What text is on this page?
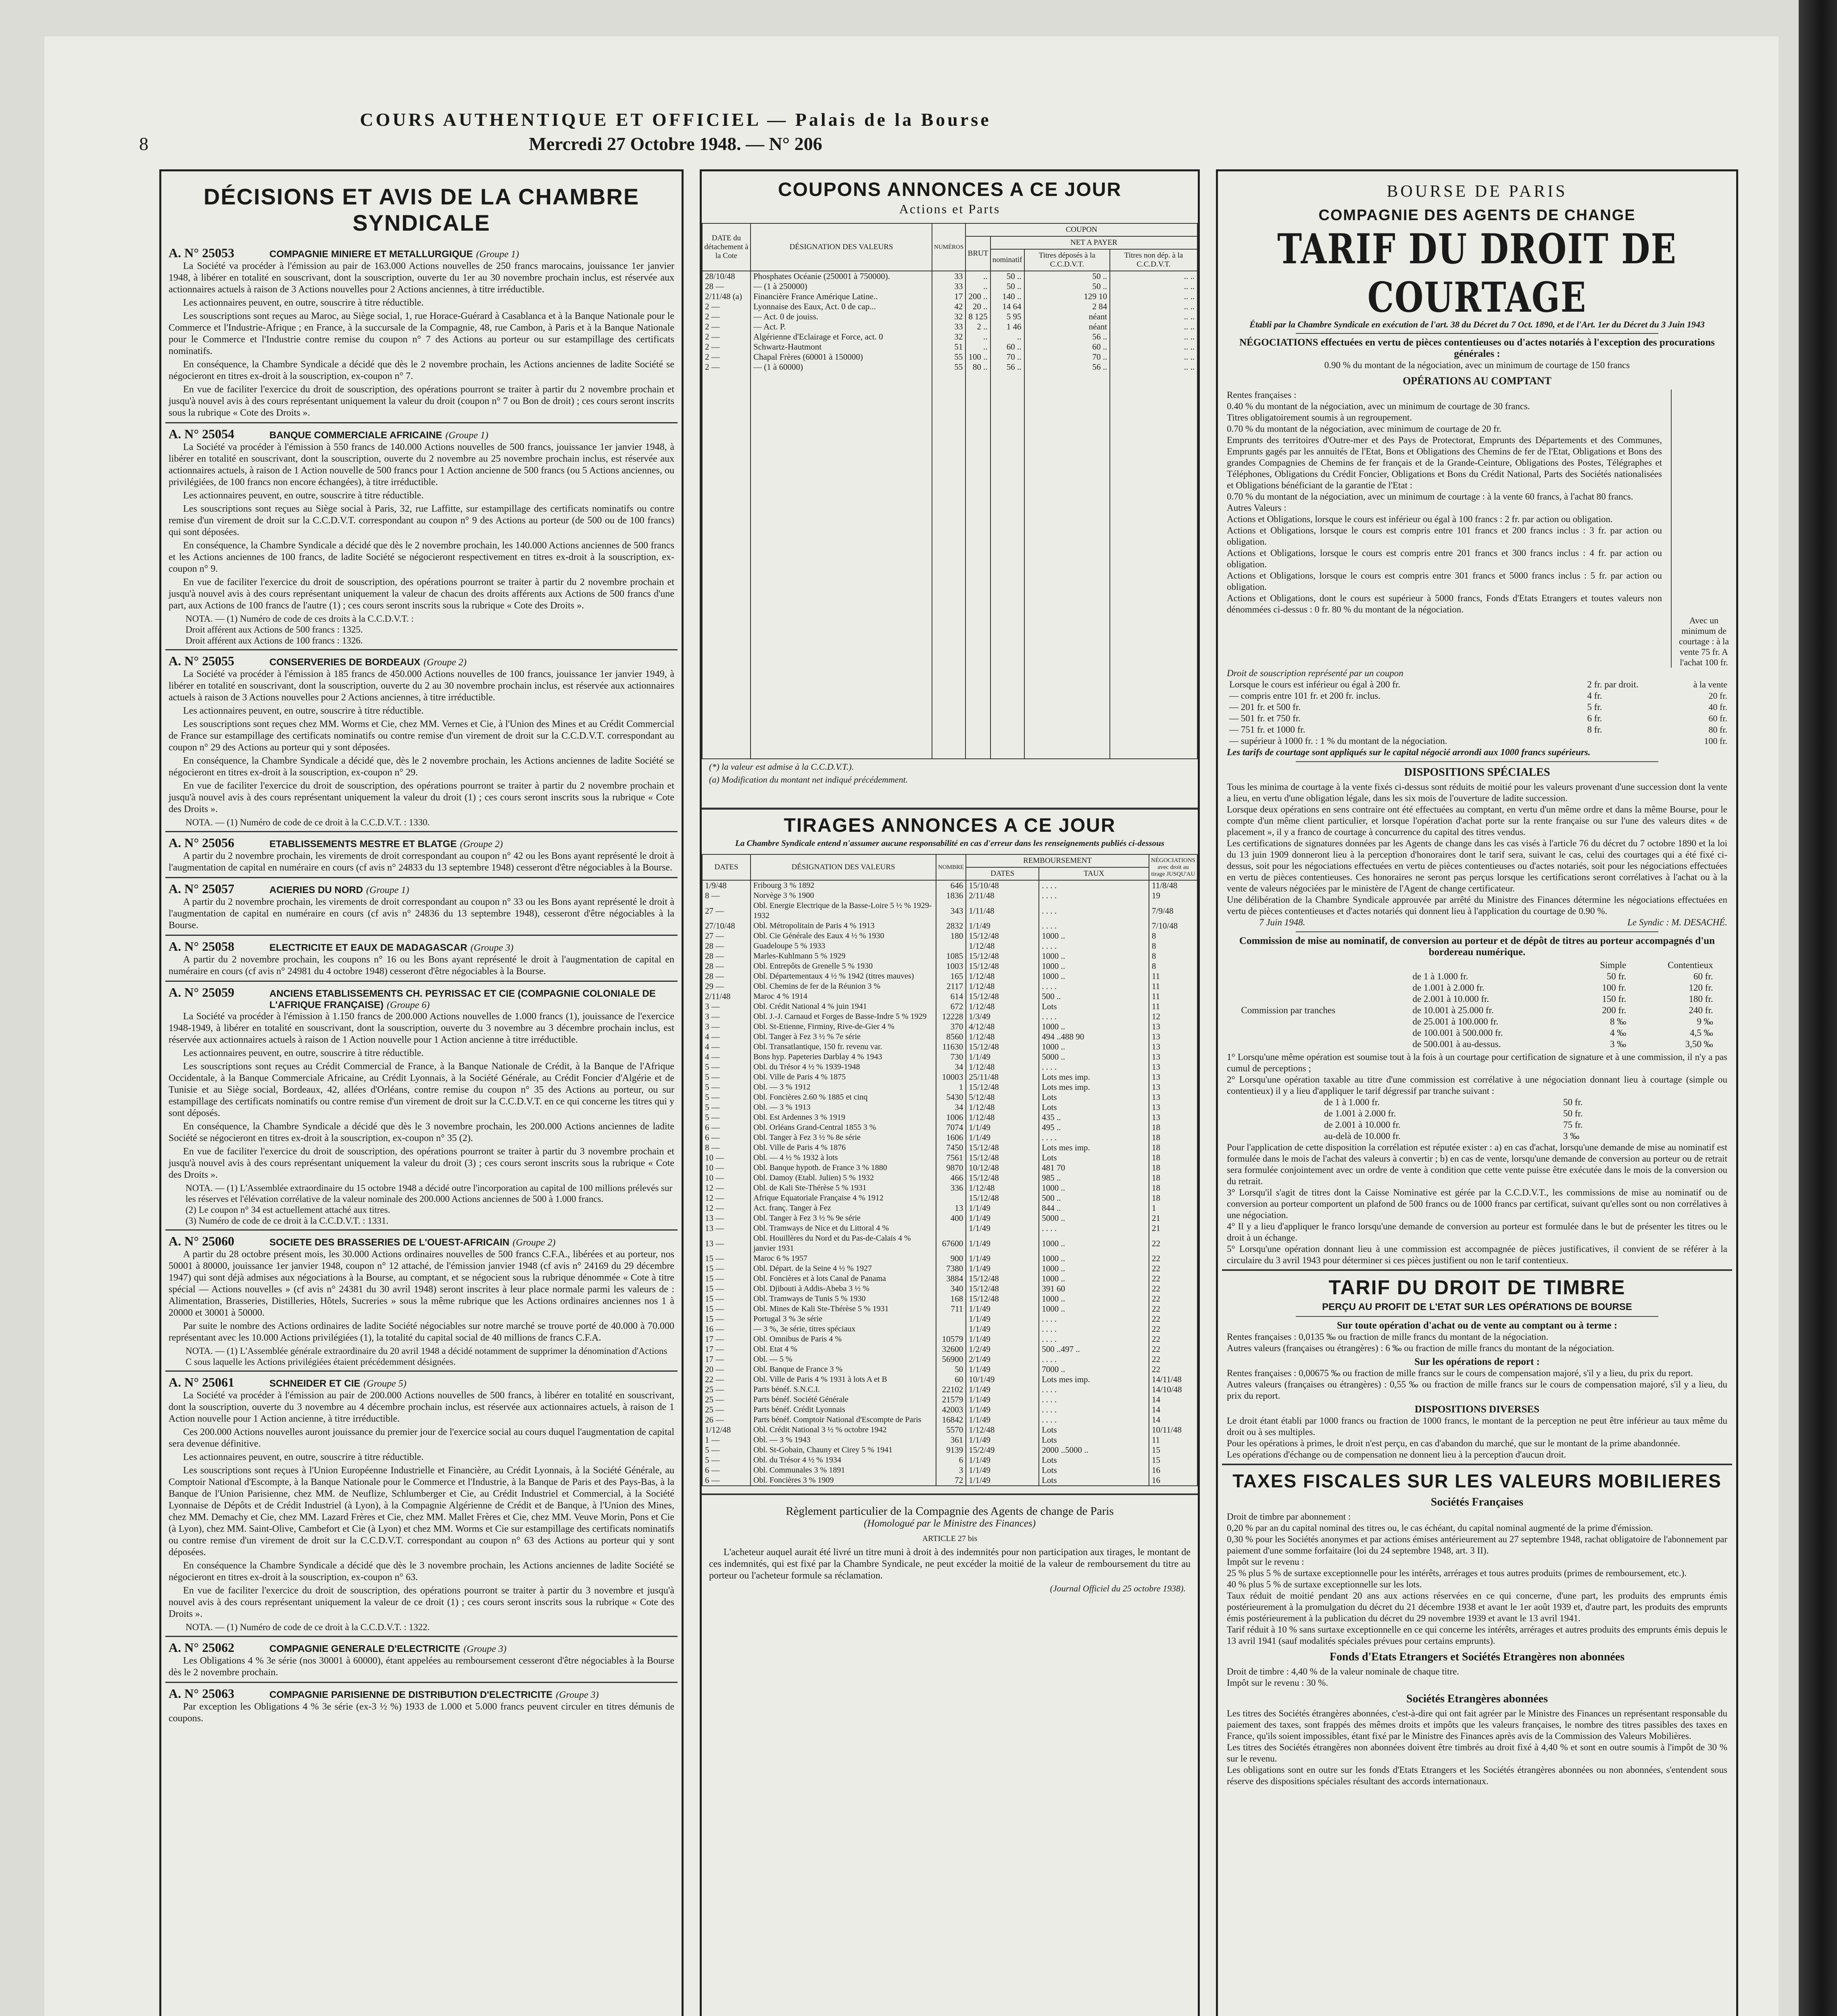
8
COURS AUTHENTIQUE ET OFFICIEL — Palais de la Bourse
Mercredi 27 Octobre 1948. — N° 206
DÉCISIONS ET AVIS DE LA CHAMBRE SYNDICALE
A. N° 25053	COMPAGNIE MINIERE ET METALLURGIQUE (Groupe 1)

La Société va procéder à l'émission au pair de 163.000 Actions nouvelles de 250 francs marocains, jouissance 1er janvier 1948, à libérer en totalité en souscrivant, dont la souscription, ouverte du 1er au 30 novembre prochain inclus, est réservée aux actionnaires actuels à raison de 3 Actions nouvelles pour 2 Actions anciennes, à titre irréductible.

Les actionnaires peuvent, en outre, souscrire à titre réductible.

Les souscriptions sont reçues au Maroc, au Siège social, 1, rue Horace-Guérard à Casablanca et à la Banque Nationale pour le Commerce et l'Industrie-Afrique ; en France, à la succursale de la Compagnie, 48, rue Cambon, à Paris et à la Banque Nationale pour le Commerce et l'Industrie contre remise du coupon n° 7 des Actions au porteur ou sur estampillage des certificats nominatifs.

En conséquence, la Chambre Syndicale a décidé que dès le 2 novembre prochain, les Actions anciennes de ladite Société se négocieront en titres ex-droit à la souscription, ex-coupon n° 7.

En vue de faciliter l'exercice du droit de souscription, des opérations pourront se traiter à partir du 2 novembre prochain et jusqu'à nouvel avis à des cours représentant uniquement la valeur du droit (coupon n° 7 ou Bon de droit) ; ces cours seront inscrits sous la rubrique « Cote des Droits ».

A. N° 25054	BANQUE COMMERCIALE AFRICAINE (Groupe 1)

La Société va procéder à l'émission à 550 francs de 140.000 Actions nouvelles de 500 francs, jouissance 1er janvier 1948, à libérer en totalité en souscrivant, dont la souscription, ouverte du 2 novembre au 25 novembre prochain inclus, est réservée aux actionnaires actuels, à raison de 1 Action nouvelle de 500 francs pour 1 Action ancienne de 500 francs (ou 5 Actions anciennes, ou privilégiées, de 100 francs non encore échangées), à titre irréductible.

Les actionnaires peuvent, en outre, souscrire à titre réductible.

Les souscriptions sont reçues au Siège social à Paris, 32, rue Laffitte, sur estampillage des certificats nominatifs ou contre remise d'un virement de droit sur la C.C.D.V.T. correspondant au coupon n° 9 des Actions au porteur (de 500 ou de 100 francs) qui sont déposées.

En conséquence, la Chambre Syndicale a décidé que dès le 2 novembre prochain, les 140.000 Actions anciennes de 500 francs et les Actions anciennes de 100 francs, de ladite Société se négocieront respectivement en titres ex-droit à la souscription, ex-coupon n° 9.

En vue de faciliter l'exercice du droit de souscription, des opérations pourront se traiter à partir du 2 novembre prochain et jusqu'à nouvel avis à des cours représentant uniquement la valeur de chacun des droits afférents aux Actions de 500 francs d'une part, aux Actions de 100 francs de l'autre (1) ; ces cours seront inscrits sous la rubrique « Cote des Droits ».

NOTA. — (1) Numéro de code de ces droits à la C.C.D.V.T. :
Droit afférent aux Actions de 500 francs : 1325.
Droit afférent aux Actions de 100 francs : 1326.
A. N° 25055	CONSERVERIES DE BORDEAUX (Groupe 2)

La Société va procéder à l'émission à 185 francs de 450.000 Actions nouvelles de 100 francs, jouissance 1er janvier 1949, à libérer en totalité en souscrivant, dont la souscription, ouverte du 2 au 30 novembre prochain inclus, est réservée aux actionnaires actuels à raison de 3 Actions nouvelles pour 2 Actions anciennes, à titre irréductible.

Les actionnaires peuvent, en outre, souscrire à titre réductible.

Les souscriptions sont reçues chez MM. Worms et Cie, chez MM. Vernes et Cie, à l'Union des Mines et au Crédit Commercial de France sur estampillage des certificats nominatifs ou contre remise d'un virement de droit sur la C.C.D.V.T. correspondant au coupon n° 29 des Actions au porteur qui y sont déposées.

En conséquence, la Chambre Syndicale a décidé que, dès le 2 novembre prochain, les Actions anciennes de ladite Société se négocieront en titres ex-droit à la souscription, ex-coupon n° 29.

En vue de faciliter l'exercice du droit de souscription, des opérations pourront se traiter à partir du 2 novembre prochain et jusqu'à nouvel avis à des cours représentant uniquement la valeur du droit (1) ; ces cours seront inscrits sous la rubrique « Cote des Droits ».

NOTA. — (1) Numéro de code de ce droit à la C.C.D.V.T. : 1330.
A. N° 25056	ETABLISSEMENTS MESTRE ET BLATGE (Groupe 2)

A partir du 2 novembre prochain, les virements de droit correspondant au coupon n° 42 ou les Bons ayant représenté le droit à l'augmentation de capital en numéraire en cours (cf avis n° 24833 du 13 septembre 1948) cesseront d'être négociables à la Bourse.

A. N° 25057	ACIERIES DU NORD (Groupe 1)

A partir du 2 novembre prochain, les virements de droit correspondant au coupon n° 33 ou les Bons ayant représenté le droit à l'augmentation de capital en numéraire en cours (cf avis n° 24836 du 13 septembre 1948), cesseront d'être négociables à la Bourse.

A. N° 25058	ELECTRICITE ET EAUX DE MADAGASCAR (Groupe 3)

A partir du 2 novembre prochain, les coupons n° 16 ou les Bons ayant représenté le droit à l'augmentation de capital en numéraire en cours (cf avis n° 24981 du 4 octobre 1948) cesseront d'être négociables à la Bourse.

A. N° 25059	ANCIENS ETABLISSEMENTS CH. PEYRISSAC ET CIE (COMPAGNIE COLONIALE DE L'AFRIQUE FRANÇAISE) (Groupe 6)

La Société va procéder à l'émission à 1.150 francs de 200.000 Actions nouvelles de 1.000 francs (1), jouissance de l'exercice 1948-1949, à libérer en totalité en souscrivant, dont la souscription, ouverte du 3 novembre au 3 décembre prochain inclus, est réservée aux actionnaires actuels à raison de 1 Action nouvelle pour 1 Action ancienne à titre irréductible.

Les actionnaires peuvent, en outre, souscrire à titre réductible.

Les souscriptions sont reçues au Crédit Commercial de France, à la Banque Nationale de Crédit, à la Banque de l'Afrique Occidentale, à la Banque Commerciale Africaine, au Crédit Lyonnais, à la Société Générale, au Crédit Foncier d'Algérie et de Tunisie et au Siège social, Bordeaux, 42, allées d'Orléans, contre remise du coupon n° 35 des Actions au porteur, ou sur estampillage des certificats nominatifs ou contre remise d'un virement de droit sur la C.C.D.V.T. en ce qui concerne les titres qui y sont déposés.

En conséquence, la Chambre Syndicale a décidé que dès le 3 novembre prochain, les 200.000 Actions anciennes de ladite Société se négocieront en titres ex-droit à la souscription, ex-coupon n° 35 (2).

En vue de faciliter l'exercice du droit de souscription, des opérations pourront se traiter à partir du 3 novembre prochain et jusqu'à nouvel avis à des cours représentant uniquement la valeur du droit (3) ; ces cours seront inscrits sous la rubrique « Cote des Droits ».

NOTA. — (1) L'Assemblée extraordinaire du 15 octobre 1948 a décidé outre l'incorporation au capital de 100 millions prélevés sur les réserves et l'élévation corrélative de la valeur nominale des 200.000 Actions anciennes de 500 à 1.000 francs.
(2) Le coupon n° 34 est actuellement attaché aux titres.
(3) Numéro de code de ce droit à la C.C.D.V.T. : 1331.
A. N° 25060	SOCIETE DES BRASSERIES DE L'OUEST-AFRICAIN (Groupe 2)

A partir du 28 octobre présent mois, les 30.000 Actions ordinaires nouvelles de 500 francs C.F.A., libérées et au porteur, nos 50001 à 80000, jouissance 1er janvier 1948, coupon n° 12 attaché, de l'émission janvier 1948 (cf avis n° 24169 du 29 décembre 1947) qui sont déjà admises aux négociations à la Bourse, au comptant, et se négocient sous la rubrique dénommée « Cote à titre spécial — Actions nouvelles » (cf avis n° 24381 du 30 avril 1948) seront inscrites à leur place normale parmi les valeurs de : Alimentation, Brasseries, Distilleries, Hôtels, Sucreries » sous la même rubrique que les Actions ordinaires anciennes nos 1 à 20000 et 30001 à 50000.

Par suite le nombre des Actions ordinaires de ladite Société négociables sur notre marché se trouve porté de 40.000 à 70.000 représentant avec les 10.000 Actions privilégiées (1), la totalité du capital social de 40 millions de francs C.F.A.

NOTA. — (1) L'Assemblée générale extraordinaire du 20 avril 1948 a décidé notamment de supprimer la dénomination d'Actions C sous laquelle les Actions privilégiées étaient précédemment désignées.
A. N° 25061	SCHNEIDER ET CIE (Groupe 5)

La Société va procéder à l'émission au pair de 200.000 Actions nouvelles de 500 francs, à libérer en totalité en souscrivant, dont la souscription, ouverte du 3 novembre au 4 décembre prochain inclus, est réservée aux actionnaires actuels, à raison de 1 Action nouvelle pour 1 Action ancienne, à titre irréductible.

Ces 200.000 Actions nouvelles auront jouissance du premier jour de l'exercice social au cours duquel l'augmentation de capital sera devenue définitive.

Les actionnaires peuvent, en outre, souscrire à titre réductible.

Les souscriptions sont reçues à l'Union Européenne Industrielle et Financière, au Crédit Lyonnais, à la Société Générale, au Comptoir National d'Escompte, à la Banque Nationale pour le Commerce et l'Industrie, à la Banque de Paris et des Pays-Bas, à la Banque de l'Union Parisienne, chez MM. de Neuflize, Schlumberger et Cie, au Crédit Industriel et Commercial, à la Société Lyonnaise de Dépôts et de Crédit Industriel (à Lyon), à la Compagnie Algérienne de Crédit et de Banque, à l'Union des Mines, chez MM. Demachy et Cie, chez MM. Lazard Frères et Cie, chez MM. Mallet Frères et Cie, chez MM. Veuve Morin, Pons et Cie (à Lyon), chez MM. Saint-Olive, Cambefort et Cie (à Lyon) et chez MM. Worms et Cie sur estampillage des certificats nominatifs ou contre remise d'un virement de droit sur la C.C.D.V.T. correspondant au coupon n° 63 des Actions au porteur qui y sont déposées.

En conséquence la Chambre Syndicale a décidé que dès le 3 novembre prochain, les Actions anciennes de ladite Société se négocieront en titres ex-droit à la souscription, ex-coupon n° 63.

En vue de faciliter l'exercice du droit de souscription, des opérations pourront se traiter à partir du 3 novembre et jusqu'à nouvel avis à des cours représentant uniquement la valeur de ce droit (1) ; ces cours seront inscrits sous la rubrique « Cote des Droits ».

NOTA. — (1) Numéro de code de ce droit à la C.C.D.V.T. : 1322.
A. N° 25062	COMPAGNIE GENERALE D'ELECTRICITE (Groupe 3)

Les Obligations 4 % 3e série (nos 30001 à 60000), étant appelées au remboursement cesseront d'être négociables à la Bourse dès le 2 novembre prochain.

A. N° 25063	COMPAGNIE PARISIENNE DE DISTRIBUTION D'ELECTRICITE (Groupe 3)

Par exception les Obligations 4 % 3e série (ex-3 ½ %) 1933 de 1.000 et 5.000 francs peuvent circuler en titres démunis de coupons.

COUPONS ANNONCES A CE JOUR
Actions et Parts
DATE du détachement à la Cote	DÉSIGNATION DES VALEURS	NUMÉROS	COUPON			
			BRUT	NET A PAYER		
				nominatif	Titres déposés à la C.C.D.V.T.	Titres non dép. à la C.C.D.V.T.
28/10/48	Phosphates Océanie (250001 à 750000).	33	..	50 ..	50 ..	.. ..
28 —	— (1 à 250000)	33	..	50 ..	50 ..	.. ..
2/11/48 (a)	Financière France Amérique Latine..	17	200 ..	140 ..	129 10	.. ..
2 —	Lyonnaise des Eaux, Act. 0 de cap...	42	20 ..	14 64	2 84	.. ..
2 —	— Act. 0 de jouiss.	32	8 125	5 95	néant	.. ..
2 —	— Act. P.	33	2 ..	1 46	néant	.. ..
2 —	Algérienne d'Eclairage et Force, act. 0	32	..	..	56 ..	.. ..
2 —	Schwartz-Hautmont	51	..	60 ..	60 ..	.. ..
2 —	Chapal Frères (60001 à 150000)	55	100 ..	70 ..	70 ..	.. ..
2 —	— (1 à 60000)	55	80 ..	56 ..	56 ..	.. ..

(*) la valeur est admise à la C.C.D.V.T.).
(a) Modification du montant net indiqué précédemment.
TIRAGES ANNONCES A CE JOUR
La Chambre Syndicale entend n'assumer aucune responsabilité en cas d'erreur dans les renseignements publiés ci-dessous
DATES	DÉSIGNATION DES VALEURS	NOMBRE	REMBOURSEMENT		NÉGOCIATIONS avec droit au tirage JUSQU'AU
			DATES	TAUX	
1/9/48	Fribourg 3 % 1892	646	15/10/48	. . . .	11/8/48
8 —	Norvège 3 % 1900	1836	2/11/48	. . . .	19
27 —	Obl. Energie Electrique de la Basse-Loire 5 ½ % 1929-1932	343	1/11/48	. . . .	7/9/48
27/10/48	Obl. Métropolitain de Paris 4 % 1913	2832	1/1/49	. . . .	7/10/48
27 —	Obl. Cie Générale des Eaux 4 ½ % 1930	180	15/12/48	1000 ..	8
28 —	Guadeloupe 5 % 1933		1/12/48	. . . .	8
28 —	Marles-Kuhlmann 5 % 1929	1085	15/12/48	1000 ..	8
28 —	Obl. Entrepôts de Grenelle 5 % 1930	1003	15/12/48	1000 ..	8
28 —	Obl. Départementaux 4 ½ % 1942 (titres mauves)	165	1/12/48	1000 ..	11
29 —	Obl. Chemins de fer de la Réunion 3 %	2117	1/12/48	. . . .	11
2/11/48	Maroc 4 % 1914	614	15/12/48	500 ..	11
3 —	Obl. Crédit National 4 % juin 1941	672	1/12/48	Lots	11
3 —	Obl. J.-J. Carnaud et Forges de Basse-Indre 5 % 1929	12228	1/3/49	. . . .	12
3 —	Obl. St-Etienne, Firminy, Rive-de-Gier 4 %	370	4/12/48	1000 ..	13
4 —	Obl. Tanger à Fez 3 ½ % 7e série	8560	1/12/48	494 ..488 90	13
4 —	Obl. Transatlantique, 150 fr. revenu var.	11630	15/12/48	1000 ..	13
4 —	Bons hyp. Papeteries Darblay 4 % 1943	730	1/1/49	5000 ..	13
5 —	Obl. du Trésor 4 ½ % 1939-1948	34	1/12/48	. . . .	13
5 —	Obl. Ville de Paris 4 % 1875	10003	25/11/48	Lots mes imp.	13
5 —	Obl. — 3 % 1912	1	15/12/48	Lots mes imp.	13
5 —	Obl. Foncières 2.60 % 1885 et cinq	5430	5/12/48	Lots	13
5 —	Obl. — 3 % 1913	34	1/12/48	Lots	13
5 —	Obl. Est Ardennes 3 % 1919	1006	1/12/48	435 ..	13
6 —	Obl. Orléans Grand-Central 1855 3 %	7074	1/1/49	495 ..	18
6 —	Obl. Tanger à Fez 3 ½ % 8e série	1606	1/1/49	. . . .	18
8 —	Obl. Ville de Paris 4 % 1876	7450	15/12/48	Lots mes imp.	18
10 —	Obl. — 4 ½ % 1932 à lots	7561	15/12/48	Lots	18
10 —	Obl. Banque hypoth. de France 3 % 1880	9870	10/12/48	481 70	18
10 —	Obl. Damoy (Etabl. Julien) 5 % 1932	466	15/12/48	985 ..	18
12 —	Obl. de Kali Ste-Thérèse 5 % 1931	336	1/12/48	1000 ..	18
12 —	Afrique Equatoriale Française 4 % 1912		15/12/48	500 ..	18
12 —	Act. franç. Tanger à Fez	13	1/1/49	844 ..	1
13 —	Obl. Tanger à Fez 3 ½ % 9e série	400	1/1/49	5000 ..	21
13 —	Obl. Tramways de Nice et du Littoral 4 %		1/1/49	. . . .	21
13 —	Obl. Houillères du Nord et du Pas-de-Calais 4 % janvier 1931	67600	1/1/49	1000 ..	22
15 —	Maroc 6 % 1957	900	1/1/49	1000 ..	22
15 —	Obl. Départ. de la Seine 4 ½ % 1927	7380	1/1/49	1000 ..	22
15 —	Obl. Foncières et à lots Canal de Panama	3884	15/12/48	1000 ..	22
15 —	Obl. Djibouti à Addis-Abeba 3 ½ %	340	15/12/48	391 60	22
15 —	Obl. Tramways de Tunis 5 % 1930	168	15/12/48	1000 ..	22
15 —	Obl. Mines de Kali Ste-Thérèse 5 % 1931	711	1/1/49	1000 ..	22
15 —	Portugal 3 % 3e série		1/1/49	. . . .	22
16 —	— 3 %, 3e série, titres spéciaux		1/1/49	. . . .	22
17 —	Obl. Omnibus de Paris 4 %	10579	1/1/49	. . . .	22
17 —	Obl. Etat 4 %	32600	1/2/49	500 ..497 ..	22
17 —	Obl. — 5 %	56900	2/1/49	. . . .	22
20 —	Obl. Banque de France 3 %	50	1/1/49	7000 ..	22
22 —	Obl. Ville de Paris 4 % 1931 à lots A et B	60	10/1/49	Lots mes imp.	14/11/48
25 —	Parts bénéf. S.N.C.I.	22102	1/1/49	. . . .	14/10/48
25 —	Parts bénéf. Société Générale	21579	1/1/49	. . . .	14
25 —	Parts bénéf. Crédit Lyonnais	42003	1/1/49	. . . .	14
26 —	Parts bénéf. Comptoir National d'Escompte de Paris	16842	1/1/49	. . . .	14
1/12/48	Obl. Crédit National 3 ½ % octobre 1942	5570	1/12/48	Lots	10/11/48
1 —	Obl. — 3 % 1943	361	1/1/49	Lots	11
5 —	Obl. St-Gobain, Chauny et Cirey 5 % 1941	9139	15/2/49	2000 ..5000 ..	15
5 —	Obl. du Trésor 4 ½ % 1934	6	1/1/49	Lots	15
6 —	Obl. Communales 3 % 1891	3	1/1/49	Lots	16
6 —	Obl. Foncières 3 % 1909	72	1/1/49	Lots	16
Règlement particulier de la Compagnie des Agents de change de Paris
(Homologué par le Ministre des Finances)
ARTICLE 27 bis
L'acheteur auquel aurait été livré un titre muni à droit à des indemnités pour non participation aux tirages, le montant de ces indemnités, qui est fixé par la Chambre Syndicale, ne peut excéder la moitié de la valeur de remboursement du titre au porteur ou l'acheteur formule sa réclamation.
(Journal Officiel du 25 octobre 1938).
BOURSE DE PARIS
COMPAGNIE DES AGENTS DE CHANGE
TARIF DU DROIT DE COURTAGE
Établi par la Chambre Syndicale en exécution de l'art. 38 du Décret du 7 Oct. 1890, et de l'Art. 1er du Décret du 3 Juin 1943
NÉGOCIATIONS effectuées en vertu de pièces contentieuses ou d'actes notariés à l'exception des procurations générales :
0.90 % du montant de la négociation, avec un minimum de courtage de 150 francs
OPÉRATIONS AU COMPTANT
Rentes françaises :
0.40 % du montant de la négociation, avec un minimum de courtage de 30 francs.
Titres obligatoirement soumis à un regroupement.
0.70 % du montant de la négociation, avec minimum de courtage de 20 fr.
Emprunts des territoires d'Outre-mer et des Pays de Protectorat, Emprunts des Départements et des Communes, Emprunts gagés par les annuités de l'Etat, Bons et Obligations des Chemins de fer de l'Etat, Obligations et Bons des grandes Compagnies de Chemins de fer français et de la Grande-Ceinture, Obligations des Postes, Télégraphes et Téléphones, Obligations du Crédit Foncier, Obligations et Bons du Crédit National, Parts des Sociétés nationalisées et Obligations bénéficiant de la garantie de l'Etat :
0.70 % du montant de la négociation, avec un minimum de courtage : à la vente 60 francs, à l'achat 80 francs.
Autres Valeurs :
Actions et Obligations, lorsque le cours est inférieur ou égal à 100 francs : 2 fr. par action ou obligation.
Actions et Obligations, lorsque le cours est compris entre 101 francs et 200 francs inclus : 3 fr. par action ou obligation.
Actions et Obligations, lorsque le cours est compris entre 201 francs et 300 francs inclus : 4 fr. par action ou obligation.
Actions et Obligations, lorsque le cours est compris entre 301 francs et 5000 francs inclus : 5 fr. par action ou obligation.
Actions et Obligations, dont le cours est supérieur à 5000 francs, Fonds d'Etats Etrangers et toutes valeurs non dénommées ci-dessus : 0 fr. 80 % du montant de la négociation.
Avec un minimum de courtage : à la vente 75 fr. A l'achat 100 fr.
Droit de souscription représenté par un coupon
Lorsque le cours est inférieur ou égal à 200 fr.	2 fr. par droit.
— compris entre 101 fr. et 200 fr. inclus.	4 fr.
— 201 fr. et 500 fr.	5 fr.
— 501 fr. et 750 fr.	6 fr.
— 751 fr. et 1000 fr.	8 fr.
— supérieur à 1000 fr. : 1 % du montant de la négociation.	
à la vente
20 fr.
40 fr.
60 fr.
80 fr.
100 fr.
Les tarifs de courtage sont appliqués sur le capital négocié arrondi aux 1000 francs supérieurs.
DISPOSITIONS SPÉCIALES
Tous les minima de courtage à la vente fixés ci-dessus sont réduits de moitié pour les valeurs provenant d'une succession dont la vente a lieu, en vertu d'une obligation légale, dans les six mois de l'ouverture de ladite succession.
Lorsque deux opérations en sens contraire ont été effectuées au comptant, en vertu d'un même ordre et dans la même Bourse, pour le compte d'un même client particulier, et lorsque l'opération d'achat porte sur la rente française ou sur l'une des valeurs dites « de placement », il y a franco de courtage à concurrence du capital des titres vendus.
Les certifications de signatures données par les Agents de change dans les cas visés à l'article 76 du décret du 7 octobre 1890 et la loi du 13 juin 1909 donneront lieu à la perception d'honoraires dont le tarif sera, suivant le cas, celui des courtages qui a été fixé ci-dessus, soit pour les négociations effectuées en vertu de pièces contentieuses ou d'actes notariés, soit pour les négociations effectuées en vertu de pièces contentieuses. Ces honoraires ne seront pas perçus lorsque les certifications seront corrélatives à l'achat ou à la vente de valeurs négociées par le ministère de l'Agent de change certificateur.
Une délibération de la Chambre Syndicale approuvée par arrêté du Ministre des Finances détermine les négociations effectuées en vertu de pièces contentieuses et d'actes notariés qui donnent lieu à l'application du courtage de 0.90 %.
7 Juin 1948.	Le Syndic : M. DESACHÉ.
Commission de mise au nominatif, de conversion au porteur et de dépôt de titres au porteur accompagnés d'un bordereau numérique.
		Simple	Contentieux
	de 1 à 1.000 fr.	50 fr.	60 fr.
	de 1.001 à 2.000 fr.	100 fr.	120 fr.
	de 2.001 à 10.000 fr.	150 fr.	180 fr.
Commission par tranches	de 10.001 à 25.000 fr.	200 fr.	240 fr.
	de 25.001 à 100.000 fr.	8 ‰	9 ‰
	de 100.001 à 500.000 fr.	4 ‰	4,5 ‰
	de 500.001 à au-dessus.	3 ‰	3,50 ‰
1° Lorsqu'une même opération est soumise tout à la fois à un courtage pour certification de signature et à une commission, il n'y a pas cumul de perceptions ;
2° Lorsqu'une opération taxable au titre d'une commission est corrélative à une négociation donnant lieu à courtage (simple ou contentieux) il y a lieu d'appliquer le tarif dégressif par tranche suivant :
de 1 à 1.000 fr.	50 fr.
de 1.001 à 2.000 fr.	50 fr.
de 2.001 à 10.000 fr.	75 fr.
au-delà de 10.000 fr.	3 ‰
Pour l'application de cette disposition la corrélation est réputée exister : a) en cas d'achat, lorsqu'une demande de mise au nominatif est formulée dans le mois de l'achat des valeurs à convertir ; b) en cas de vente, lorsqu'une demande de conversion au porteur ou de retrait sera formulée conjointement avec un ordre de vente à condition que cette vente puisse être exécutée dans le mois de la conversion ou du retrait.
3° Lorsqu'il s'agit de titres dont la Caisse Nominative est gérée par la C.C.D.V.T., les commissions de mise au nominatif ou de conversion au porteur comportent un plafond de 500 francs ou de 1000 francs par certificat, suivant qu'elles sont ou non corrélatives à une négociation.
4° Il y a lieu d'appliquer le franco lorsqu'une demande de conversion au porteur est formulée dans le but de présenter les titres ou le droit à un échange.
5° Lorsqu'une opération donnant lieu à une commission est accompagnée de pièces justificatives, il convient de se référer à la circulaire du 3 avril 1943 pour déterminer si ces pièces justifient ou non le tarif contentieux.
TARIF DU DROIT DE TIMBRE
PERÇU AU PROFIT DE L'ETAT SUR LES OPÉRATIONS DE BOURSE
Sur toute opération d'achat ou de vente au comptant ou à terme :
Rentes françaises : 0,0135 ‰ ou fraction de mille francs du montant de la négociation.
Autres valeurs (françaises ou étrangères) : 6 ‰ ou fraction de mille francs du montant de la négociation.
Sur les opérations de report :
Rentes françaises : 0,00675 ‰ ou fraction de mille francs sur le cours de compensation majoré, s'il y a lieu, du prix du report.
Autres valeurs (françaises ou étrangères) : 0,55 ‰ ou fraction de mille francs sur le cours de compensation majoré, s'il y a lieu, du prix du report.
DISPOSITIONS DIVERSES
Le droit étant établi par 1000 francs ou fraction de 1000 francs, le montant de la perception ne peut être inférieur au taux même du droit ou à ses multiples.
Pour les opérations à primes, le droit n'est perçu, en cas d'abandon du marché, que sur le montant de la prime abandonnée.
Les opérations d'échange ou de compensation ne donnent lieu à la perception d'aucun droit.
TAXES FISCALES SUR LES VALEURS MOBILIERES
Sociétés Françaises
Droit de timbre par abonnement :
0,20 % par an du capital nominal des titres ou, le cas échéant, du capital nominal augmenté de la prime d'émission.
0,30 % pour les Sociétés anonymes et par actions émises antérieurement au 27 septembre 1948, rachat obligatoire de l'abonnement par paiement d'une somme forfaitaire (loi du 24 septembre 1948, art. 3 II).
Impôt sur le revenu :
25 % plus 5 % de surtaxe exceptionnelle pour les intérêts, arrérages et tous autres produits (primes de remboursement, etc.).
40 % plus 5 % de surtaxe exceptionnelle sur les lots.
Taux réduit de moitié pendant 20 ans aux actions réservées en ce qui concerne, d'une part, les produits des emprunts émis postérieurement à la promulgation du décret du 21 décembre 1938 et avant le 1er août 1939 et, d'autre part, les produits des emprunts émis postérieurement à la publication du décret du 29 novembre 1939 et avant le 13 avril 1941.
Tarif réduit à 10 % sans surtaxe exceptionnelle en ce qui concerne les intérêts, arrérages et autres produits des emprunts émis depuis le 13 avril 1941 (sauf modalités spéciales prévues pour certains emprunts).
Fonds d'Etats Etrangers et Sociétés Etrangères non abonnées
Droit de timbre : 4,40 % de la valeur nominale de chaque titre.
Impôt sur le revenu : 30 %.
Sociétés Etrangères abonnées
Les titres des Sociétés étrangères abonnées, c'est-à-dire qui ont fait agréer par le Ministre des Finances un représentant responsable du paiement des taxes, sont frappés des mêmes droits et impôts que les valeurs françaises, le nombre des titres passibles des taxes en France, qu'ils soient impossibles, étant fixé par le Ministre des Finances après avis de la Commission des Valeurs Mobilières.
Les titres des Sociétés étrangères non abonnées doivent être timbrés au droit fixé à 4,40 % et sont en outre soumis à l'impôt de 30 % sur le revenu.
Les obligations sont en outre sur les fonds d'Etats Etrangers et les Sociétés étrangères abonnées ou non abonnées, s'entendent sous réserve des dispositions spéciales résultant des accords internationaux.
